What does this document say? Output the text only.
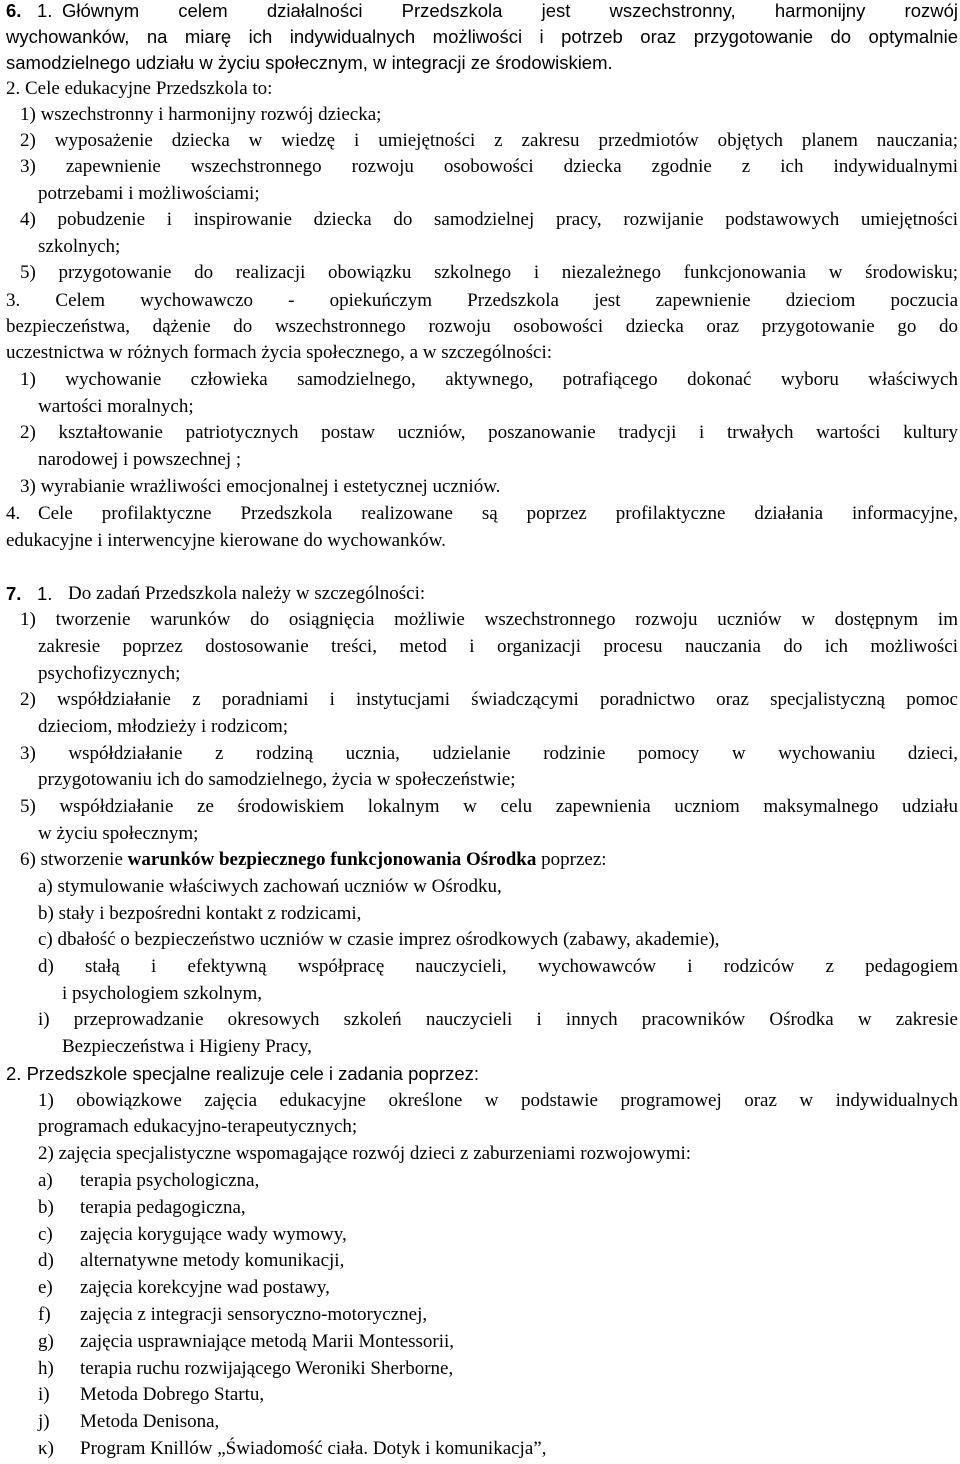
6. 1. Głównym celem działalności Przedszkola jest wszechstronny, harmonijny rozwój
wychowanków, na miarę ich indywidualnych możliwości i potrzeb oraz przygotowanie do optymalnie
samodzielnego udziału w życiu społecznym, w integracji ze środowiskiem.
2. Cele edukacyjne Przedszkola to:
1) wszechstronny i harmonijny rozwój dziecka;
2) wyposażenie dziecka w wiedzę i umiejętności z zakresu przedmiotów objętych planem nauczania;
3) zapewnienie wszechstronnego rozwoju osobowości dziecka zgodnie z ich indywidualnymi
potrzebami i możliwościami;
4) pobudzenie i inspirowanie dziecka do samodzielnej pracy, rozwijanie podstawowych umiejętności
szkolnych;
5) przygotowanie do realizacji obowiązku szkolnego i niezależnego funkcjonowania w środowisku;
3. Celem wychowawczo - opiekuńczym Przedszkola jest zapewnienie dzieciom poczucia
bezpieczeństwa, dążenie do wszechstronnego rozwoju osobowości dziecka oraz przygotowanie go do
uczestnictwa w różnych formach życia społecznego, a w szczególności:
1) wychowanie człowieka samodzielnego, aktywnego, potrafiącego dokonać wyboru właściwych
wartości moralnych;
2) kształtowanie patriotycznych postaw uczniów, poszanowanie tradycji i trwałych wartości kultury
narodowej i powszechnej ;
3) wyrabianie wrażliwości emocjonalnej i estetycznej uczniów.
4. Cele profilaktyczne Przedszkola realizowane są poprzez profilaktyczne działania informacyjne,
edukacyjne i interwencyjne kierowane do wychowanków.
7. 1. Do zadań Przedszkola należy w szczególności:
1) tworzenie warunków do osiągnięcia możliwie wszechstronnego rozwoju uczniów w dostępnym im
zakresie poprzez dostosowanie treści, metod i organizacji procesu nauczania do ich możliwości
psychofizycznych;
2) współdziałanie z poradniami i instytucjami świadczącymi poradnictwo oraz specjalistyczną pomoc
dzieciom, młodzieży i rodzicom;
3) współdziałanie z rodziną ucznia, udzielanie rodzinie pomocy w wychowaniu dzieci,
przygotowaniu ich do samodzielnego, życia w społeczeństwie;
5) współdziałanie ze środowiskiem lokalnym w celu zapewnienia uczniom maksymalnego udziału
w życiu społecznym;
6) stworzenie warunków bezpiecznego funkcjonowania Ośrodka poprzez:
a) stymulowanie właściwych zachowań uczniów w Ośrodku,
b) stały i bezpośredni kontakt z rodzicami,
c) dbałość o bezpieczeństwo uczniów w czasie imprez ośrodkowych (zabawy, akademie),
d) stałą i efektywną współpracę nauczycieli, wychowawców i rodziców z pedagogiem
i psychologiem szkolnym,
i) przeprowadzanie okresowych szkoleń nauczycieli i innych pracowników Ośrodka w zakresie
Bezpieczeństwa i Higieny Pracy,
2. Przedszkole specjalne realizuje cele i zadania poprzez:
1) obowiązkowe zajęcia edukacyjne określone w podstawie programowej oraz w indywidualnych
programach edukacyjno-terapeutycznych;
2) zajęcia specjalistyczne wspomagające rozwój dzieci z zaburzeniami rozwojowymi:
a) terapia psychologiczna,
b) terapia pedagogiczna,
c) zajęcia korygujące wady wymowy,
d) alternatywne metody komunikacji,
e) zajęcia korekcyjne wad postawy,
f) zajęcia z integracji sensoryczno-motorycznej,
g) zajęcia usprawniające metodą Marii Montessorii,
h) terapia ruchu rozwijającego Weroniki Sherborne,
i) Metoda Dobrego Startu,
j) Metoda Denisona,
κ) Program Knillów „Świadomość ciała. Dotyk i komunikacja”,
